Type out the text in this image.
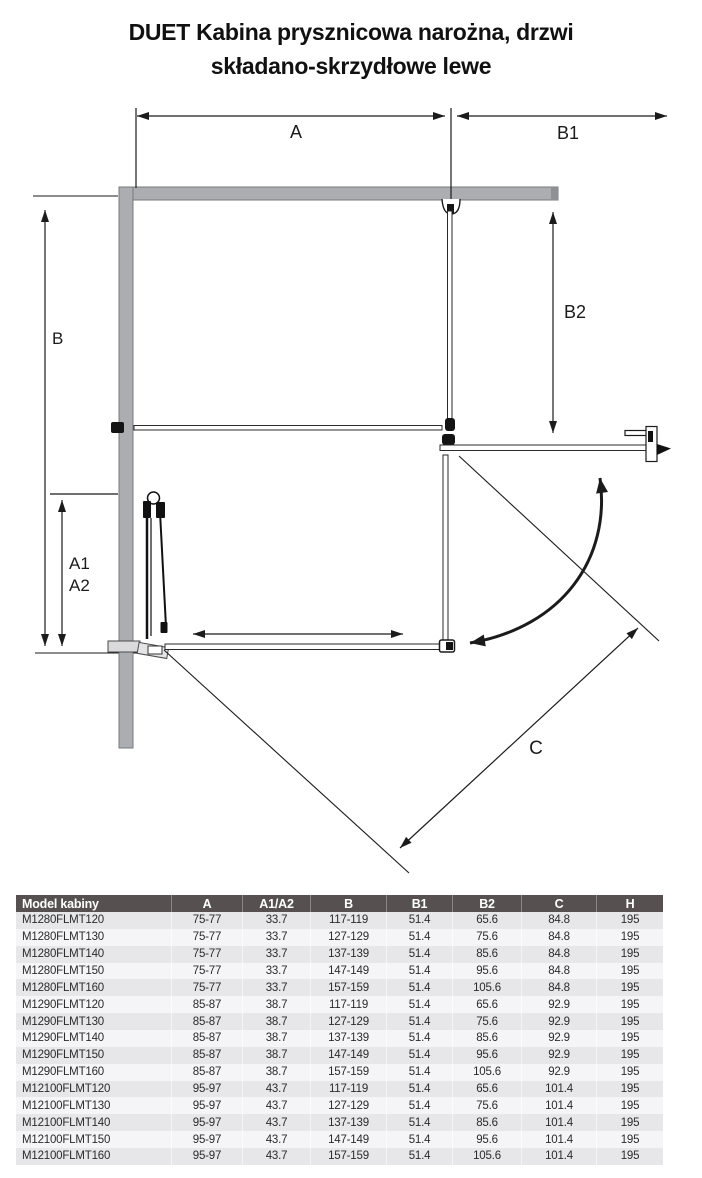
DUET Kabina prysznicowa narożna, drzwi
składano-skrzydłowe lewe
A	B1
B
A1
A2
B2
C
Model kabiny	A	A1/A2	B	B1	B2	C	H
M1280FLMT120	75-77	33.7	117-119	51.4	65.6	84.8	195
M1280FLMT130	75-77	33.7	127-129	51.4	75.6	84.8	195
M1280FLMT140	75-77	33.7	137-139	51.4	85.6	84.8	195
M1280FLMT150	75-77	33.7	147-149	51.4	95.6	84.8	195
M1280FLMT160	75-77	33.7	157-159	51.4	105.6	84.8	195
M1290FLMT120	85-87	38.7	117-119	51.4	65.6	92.9	195
M1290FLMT130	85-87	38.7	127-129	51.4	75.6	92.9	195
M1290FLMT140	85-87	38.7	137-139	51.4	85.6	92.9	195
M1290FLMT150	85-87	38.7	147-149	51.4	95.6	92.9	195
M1290FLMT160	85-87	38.7	157-159	51.4	105.6	92.9	195
M12100FLMT120	95-97	43.7	117-119	51.4	65.6	101.4	195
M12100FLMT130	95-97	43.7	127-129	51.4	75.6	101.4	195
M12100FLMT140	95-97	43.7	137-139	51.4	85.6	101.4	195
M12100FLMT150	95-97	43.7	147-149	51.4	95.6	101.4	195
M12100FLMT160	95-97	43.7	157-159	51.4	105.6	101.4	195
